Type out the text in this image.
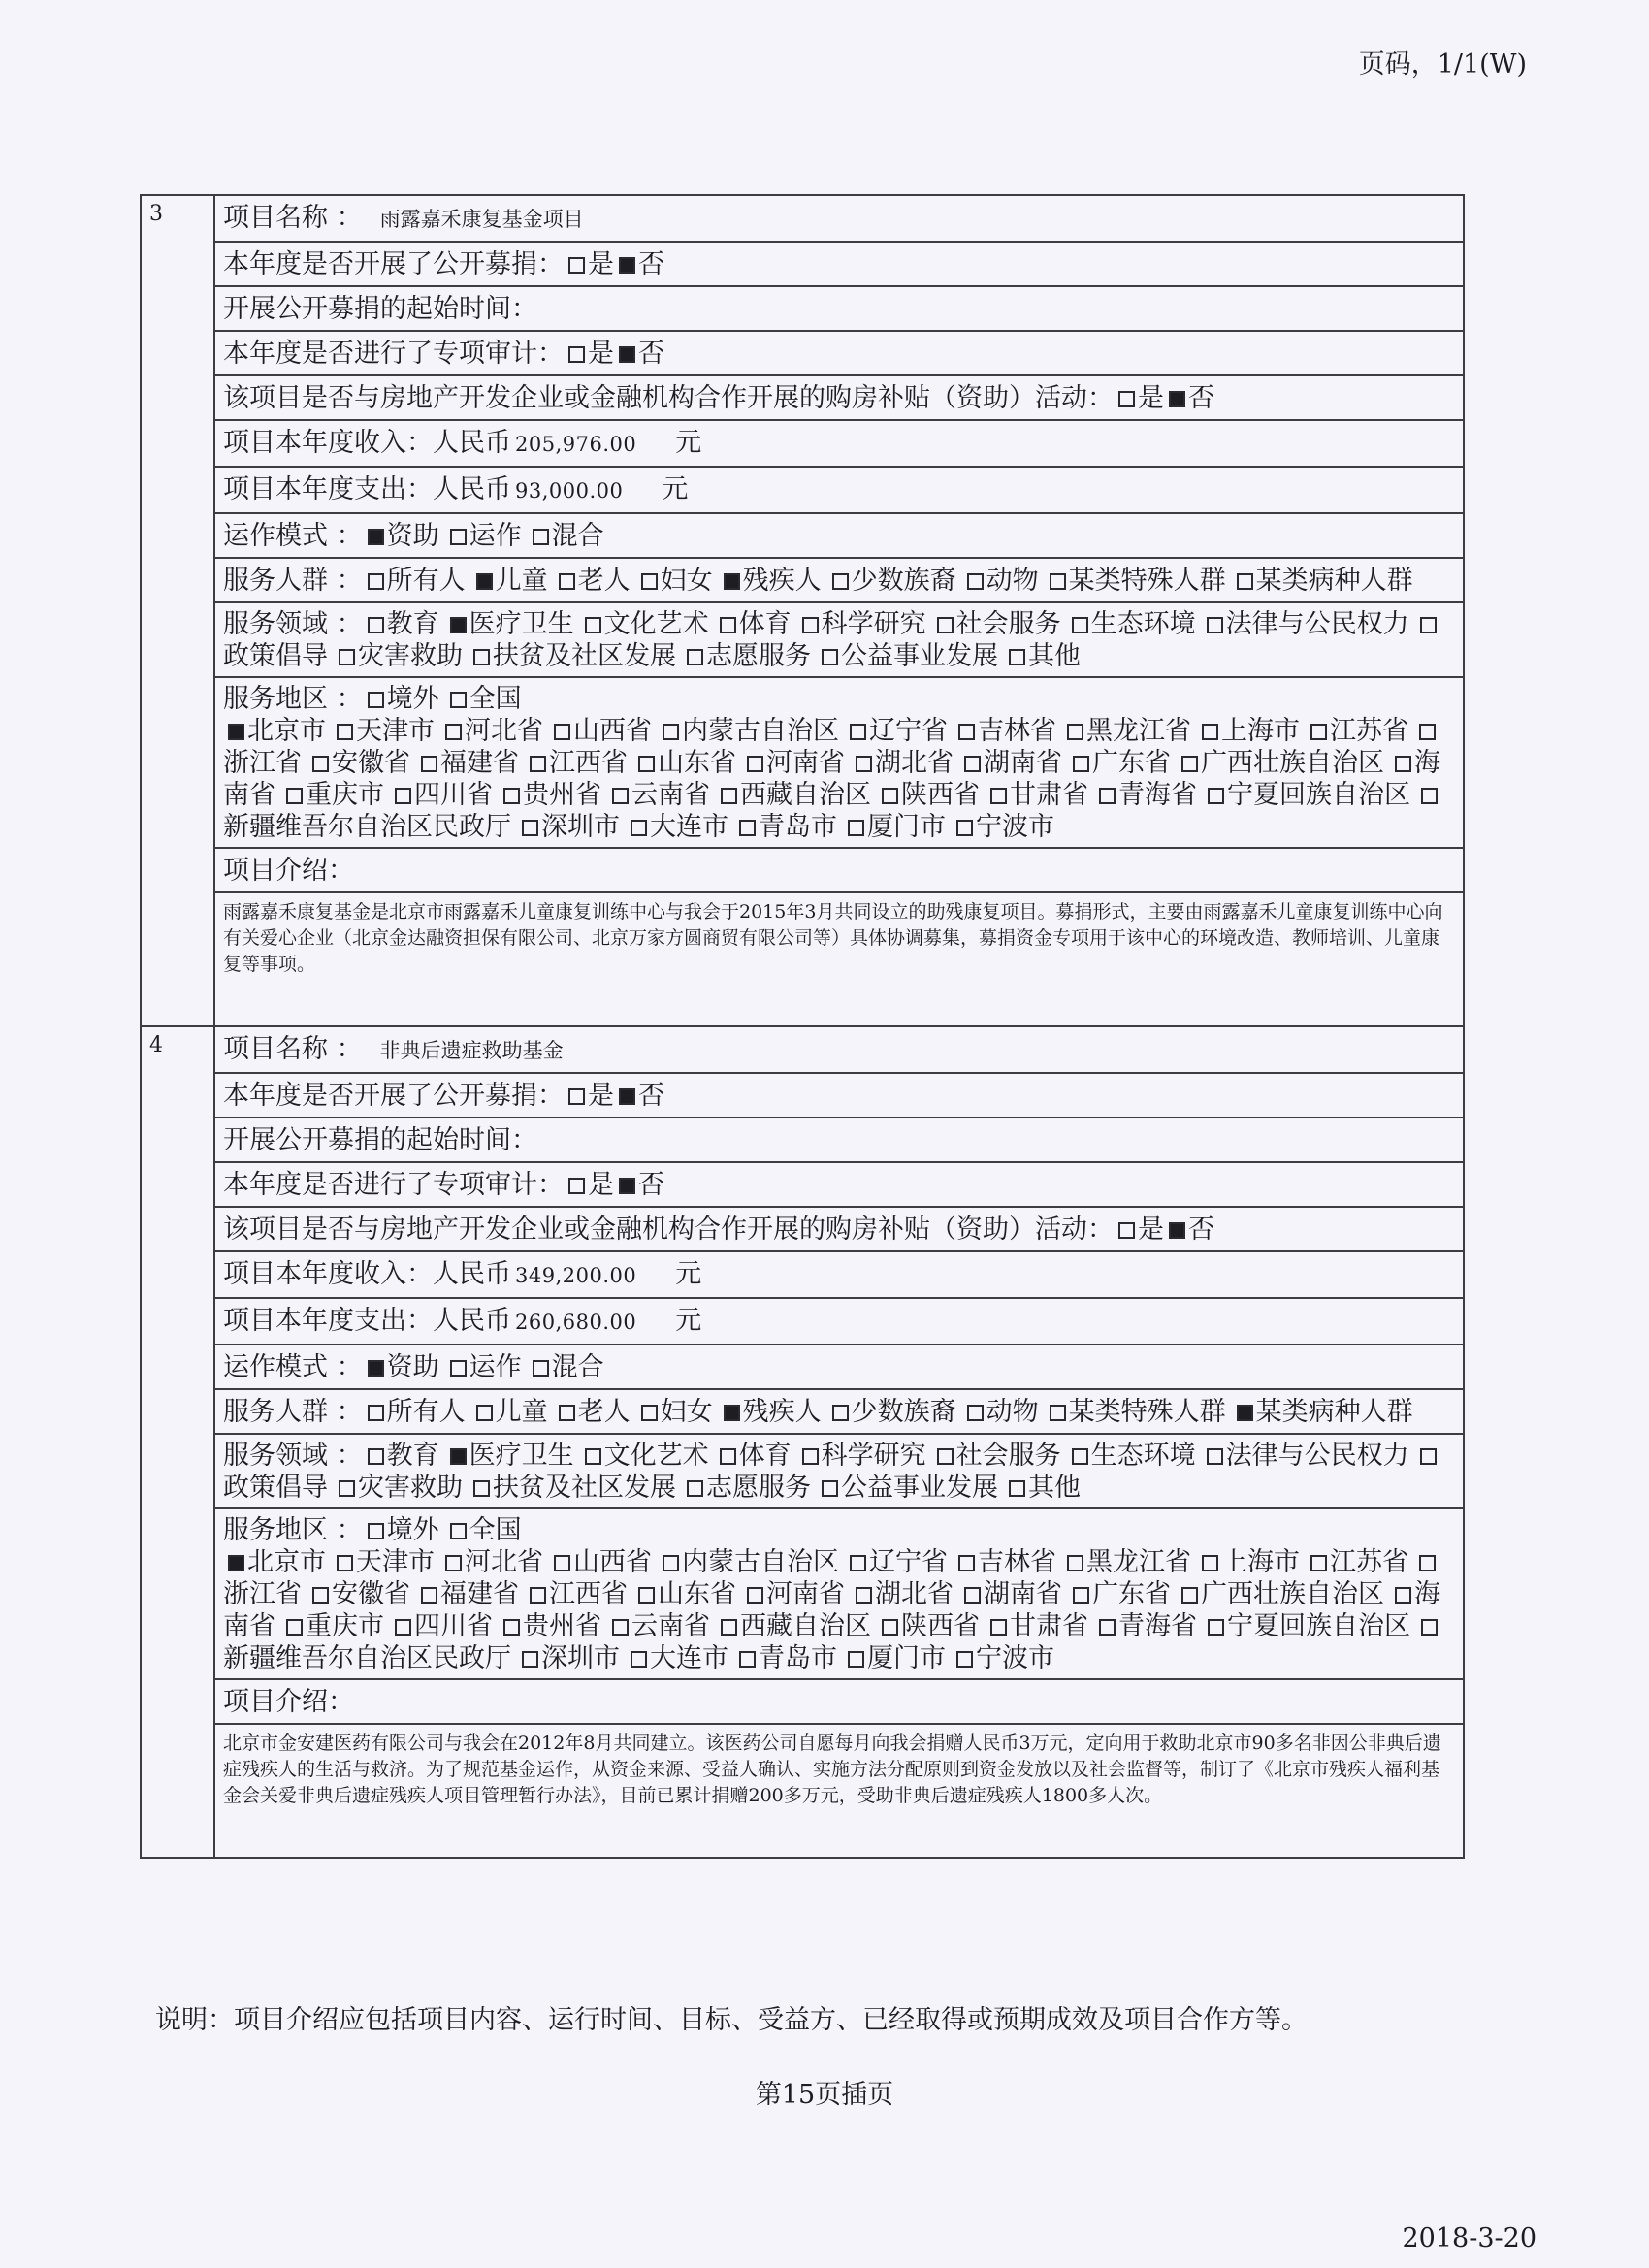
页码，1/1(W)
3	项目名称 ： 雨露嘉禾康复基金项目
	本年度是否开展了公开募捐： 是 否
	开展公开募捐的起始时间：
	本年度是否进行了专项审计： 是 否
	该项目是否与房地产开发企业或金融机构合作开展的购房补贴（资助）活动： 是 否
	项目本年度收入：人民币 205,976.00 元
	项目本年度支出：人民币 93,000.00 元
	运作模式 ： 资助 运作 混合
	服务人群 ： 所有人 儿童 老人 妇女 残疾人 少数族裔 动物 某类特殊人群 某类病种人群
	服务领域 ： 教育 医疗卫生 文化艺术 体育 科学研究 社会服务 生态环境 法律与公民权力政策倡导 灾害救助 扶贫及社区发展 志愿服务 公益事业发展 其他
	服务地区 ： 境外 全国
北京市 天津市 河北省 山西省 内蒙古自治区 辽宁省 吉林省 黑龙江省 上海市 江苏省浙江省 安徽省 福建省 江西省 山东省 河南省 湖北省 湖南省 广东省 广西壮族自治区 海南省 重庆市 四川省 贵州省 云南省 西藏自治区 陕西省 甘肃省 青海省 宁夏回族自治区新疆维吾尔自治区民政厅 深圳市 大连市 青岛市 厦门市 宁波市
	项目介绍：
	雨露嘉禾康复基金是北京市雨露嘉禾儿童康复训练中心与我会于2015年3月共同设立的助残康复项目。募捐形式，主要由雨露嘉禾儿童康复训练中心向有关爱心企业（北京金达融资担保有限公司、北京万家方圆商贸有限公司等）具体协调募集，募捐资金专项用于该中心的环境改造、教师培训、儿童康复等事项。
4	项目名称 ： 非典后遗症救助基金
	本年度是否开展了公开募捐： 是 否
	开展公开募捐的起始时间：
	本年度是否进行了专项审计： 是 否
	该项目是否与房地产开发企业或金融机构合作开展的购房补贴（资助）活动： 是 否
	项目本年度收入：人民币 349,200.00 元
	项目本年度支出：人民币 260,680.00 元
	运作模式 ： 资助 运作 混合
	服务人群 ： 所有人 儿童 老人 妇女 残疾人 少数族裔 动物 某类特殊人群 某类病种人群
	服务领域 ： 教育 医疗卫生 文化艺术 体育 科学研究 社会服务 生态环境 法律与公民权力政策倡导 灾害救助 扶贫及社区发展 志愿服务 公益事业发展 其他
	服务地区 ： 境外 全国
北京市 天津市 河北省 山西省 内蒙古自治区 辽宁省 吉林省 黑龙江省 上海市 江苏省浙江省 安徽省 福建省 江西省 山东省 河南省 湖北省 湖南省 广东省 广西壮族自治区 海南省 重庆市 四川省 贵州省 云南省 西藏自治区 陕西省 甘肃省 青海省 宁夏回族自治区新疆维吾尔自治区民政厅 深圳市 大连市 青岛市 厦门市 宁波市
	项目介绍：
	北京市金安建医药有限公司与我会在2012年8月共同建立。该医药公司自愿每月向我会捐赠人民币3万元，定向用于救助北京市90多名非因公非典后遗症残疾人的生活与救济。为了规范基金运作，从资金来源、受益人确认、实施方法分配原则到资金发放以及社会监督等，制订了《北京市残疾人福利基金会关爱非典后遗症残疾人项目管理暂行办法》，目前已累计捐赠200多万元，受助非典后遗症残疾人1800多人次。
说明：项目介绍应包括项目内容、运行时间、目标、受益方、已经取得或预期成效及项目合作方等。
第15页插页
2018-3-20
